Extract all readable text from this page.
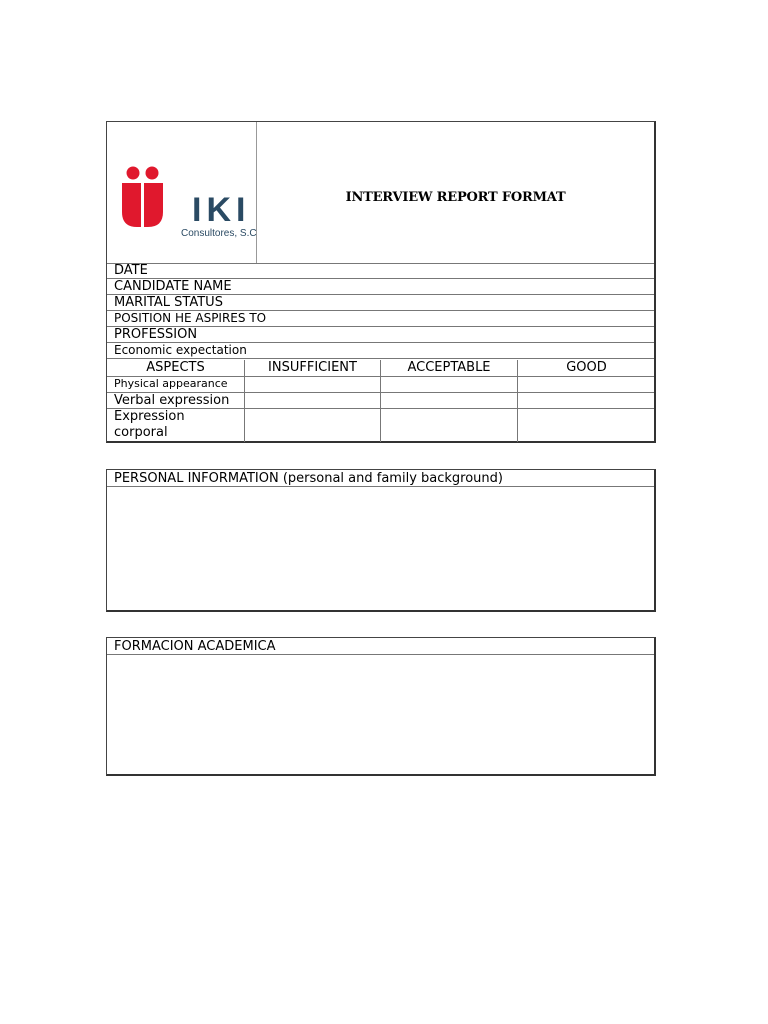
IKI
Consultores, S.C.
INTERVIEW REPORT FORMAT
DATE
CANDIDATE NAME
MARITAL STATUS
POSITION HE ASPIRES TO
PROFESSION
Economic expectation
ASPECTS	INSUFFICIENT	ACCEPTABLE	GOOD
Physical appearance
Verbal expression
Expression corporal
PERSONAL INFORMATION (personal and family background)
FORMACION ACADEMICA
